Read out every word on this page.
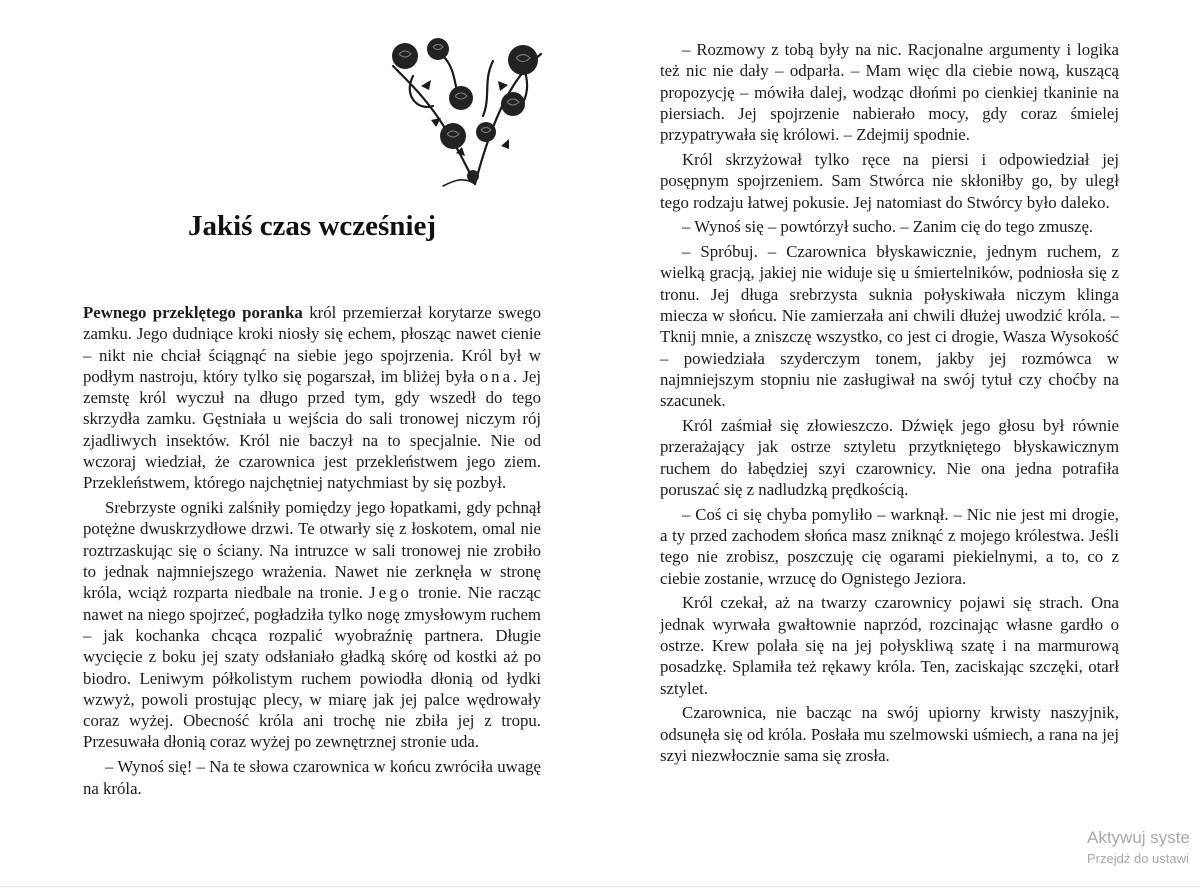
Jakiś czas wcześniej

Pewnego przeklętego poranka król przemierzał korytarze swego zamku. Jego dudniące kroki niosły się echem, płosząc nawet cienie – nikt nie chciał ściągnąć na siebie jego spojrzenia. Król był w podłym nastroju, który tylko się pogarszał, im bliżej była ona. Jej zemstę król wyczuł na długo przed tym, gdy wszedł do tego skrzydła zamku. Gęstniała u wejścia do sali tronowej niczym rój zjadliwych insektów. Król nie baczył na to specjalnie. Nie od wczoraj wiedział, że czarownica jest przekleństwem jego ziem. Przekleństwem, którego najchętniej natychmiast by się pozbył.

Srebrzyste ogniki zalśniły pomiędzy jego łopatkami, gdy pchnął potężne dwuskrzydłowe drzwi. Te otwarły się z łoskotem, omal nie roztrzaskując się o ściany. Na intruzce w sali tronowej nie zrobiło to jednak najmniejszego wrażenia. Nawet nie zerknęła w stronę króla, wciąż rozparta niedbale na tronie. Jego tronie. Nie racząc nawet na niego spojrzeć, pogładziła tylko nogę zmysłowym ruchem – jak kochanka chcąca rozpalić wyobraźnię partnera. Długie wycięcie z boku jej szaty odsłaniało gładką skórę od kostki aż po biodro. Leniwym półkolistym ruchem powiodła dłonią od łydki wzwyż, powoli prostując plecy, w miarę jak jej palce wędrowały coraz wyżej. Obecność króla ani trochę nie zbiła jej z tropu. Przesuwała dłonią coraz wyżej po zewnętrznej stronie uda.

– Wynoś się! – Na te słowa czarownica w końcu zwróciła uwagę na króla.

– Rozmowy z tobą były na nic. Racjonalne argumenty i logika też nic nie dały – odparła. – Mam więc dla ciebie nową, kuszącą propozycję – mówiła dalej, wodząc dłońmi po cienkiej tkaninie na piersiach. Jej spojrzenie nabierało mocy, gdy coraz śmielej przypatrywała się królowi. – Zdejmij spodnie.

Król skrzyżował tylko ręce na piersi i odpowiedział jej posępnym spojrzeniem. Sam Stwórca nie skłoniłby go, by uległ tego rodzaju łatwej pokusie. Jej natomiast do Stwórcy było daleko.

– Wynoś się – powtórzył sucho. – Zanim cię do tego zmuszę.

– Spróbuj. – Czarownica błyskawicznie, jednym ruchem, z wielką gracją, jakiej nie widuje się u śmiertelników, podniosła się z tronu. Jej długa srebrzysta suknia połyskiwała niczym klinga miecza w słońcu. Nie zamierzała ani chwili dłużej uwodzić króla. – Tknij mnie, a zniszczę wszystko, co jest ci drogie, Wasza Wysokość – powiedziała szyderczym tonem, jakby jej rozmówca w najmniejszym stopniu nie zasługiwał na swój tytuł czy choćby na szacunek.

Król zaśmiał się złowieszczo. Dźwięk jego głosu był równie przerażający jak ostrze sztyletu przytkniętego błyskawicznym ruchem do łabędziej szyi czarownicy. Nie ona jedna potrafiła poruszać się z nadludzką prędkością.

– Coś ci się chyba pomyliło – warknął. – Nic nie jest mi drogie, a ty przed zachodem słońca masz zniknąć z mojego królestwa. Jeśli tego nie zrobisz, poszczuję cię ogarami piekielnymi, a to, co z ciebie zostanie, wrzucę do Ognistego Jeziora.

Król czekał, aż na twarzy czarownicy pojawi się strach. Ona jednak wyrwała gwałtownie naprzód, rozcinając własne gardło o ostrze. Krew polała się na jej połyskliwą szatę i na marmurową posadzkę. Splamiła też rękawy króla. Ten, zaciskając szczęki, otarł sztylet.

Czarownica, nie bacząc na swój upiorny krwisty naszyjnik, odsunęła się od króla. Posłała mu szelmowski uśmiech, a rana na jej szyi niezwłocznie sama się zrosła.

Aktywuj syste
Przejdź do ustawi
